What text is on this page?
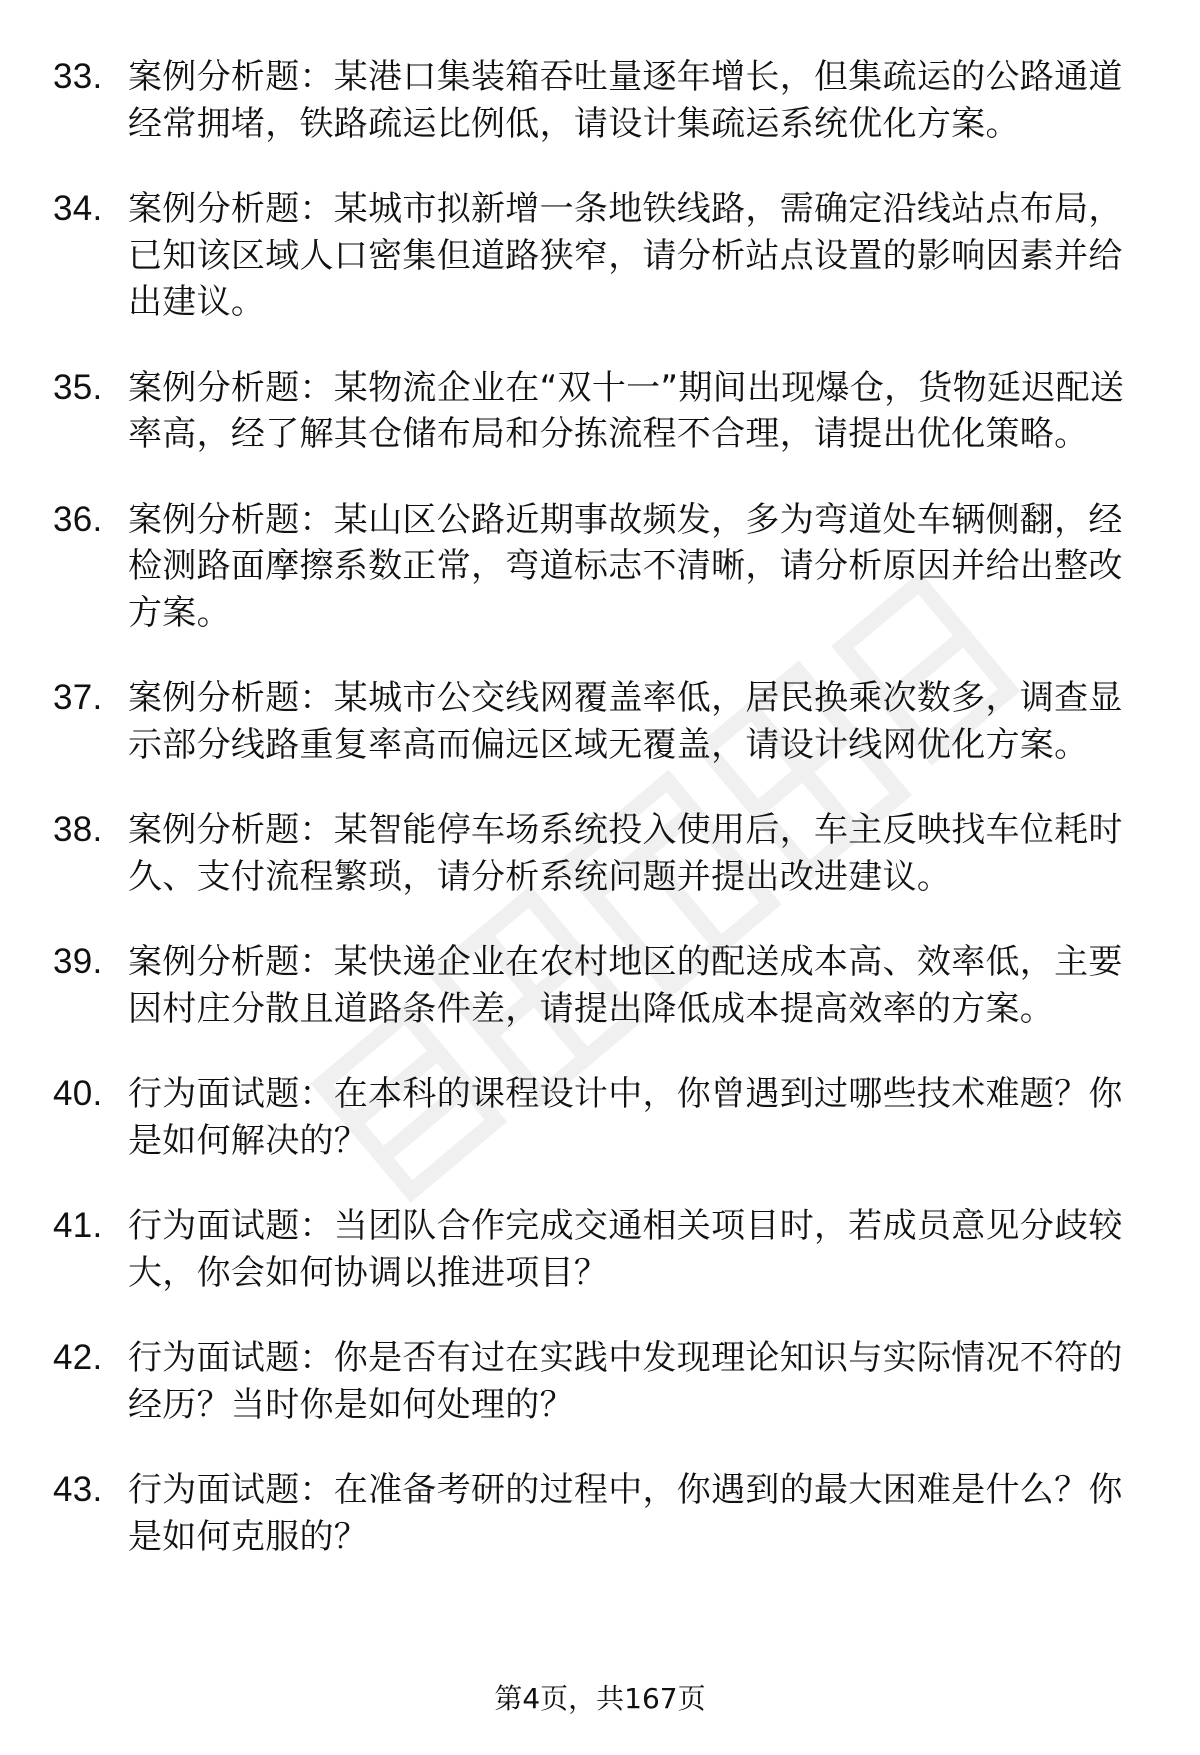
33. 案例分析题：某港口集装箱吞吐量逐年增长，但集疏运的公路通道经常拥堵，铁路疏运比例低，请设计集疏运系统优化方案。
34. 案例分析题：某城市拟新增一条地铁线路，需确定沿线站点布局，已知该区域人口密集但道路狭窄，请分析站点设置的影响因素并给出建议。
35. 案例分析题：某物流企业在“双十一”期间出现爆仓，货物延迟配送率高，经了解其仓储布局和分拣流程不合理，请提出优化策略。
36. 案例分析题：某山区公路近期事故频发，多为弯道处车辆侧翻，经检测路面摩擦系数正常，弯道标志不清晰，请分析原因并给出整改方案。
37. 案例分析题：某城市公交线网覆盖率低，居民换乘次数多，调查显示部分线路重复率高而偏远区域无覆盖，请设计线网优化方案。
38. 案例分析题：某智能停车场系统投入使用后，车主反映找车位耗时久、支付流程繁琐，请分析系统问题并提出改进建议。
39. 案例分析题：某快递企业在农村地区的配送成本高、效率低，主要因村庄分散且道路条件差，请提出降低成本提高效率的方案。
40. 行为面试题：在本科的课程设计中，你曾遇到过哪些技术难题？你是如何解决的？
41. 行为面试题：当团队合作完成交通相关项目时，若成员意见分歧较大，你会如何协调以推进项目？
42. 行为面试题：你是否有过在实践中发现理论知识与实际情况不符的经历？当时你是如何处理的？
43. 行为面试题：在准备考研的过程中，你遇到的最大困难是什么？你是如何克服的？
第4页，共167页
